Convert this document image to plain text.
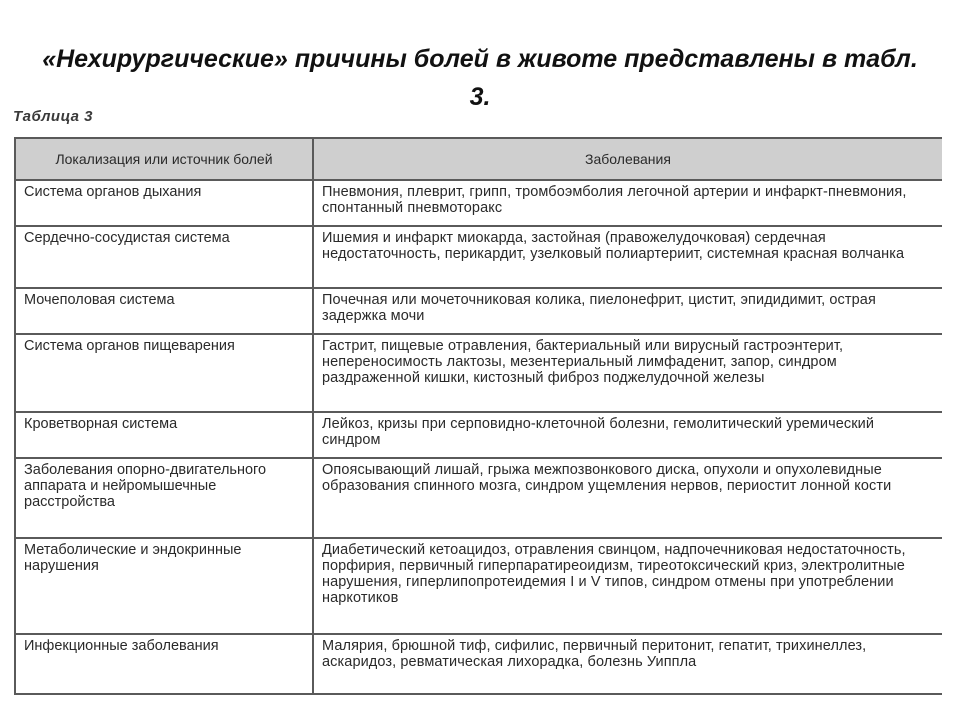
«Нехирургические» причины болей в животе представлены в табл. 3.
Таблица 3
Локализация или источник болей	Заболевания
Система органов дыхания	Пневмония, плеврит, грипп, тромбоэмболия легочной артерии и инфаркт-пневмония, спонтанный пневмоторакс
Сердечно-сосудистая система	Ишемия и инфаркт миокарда, застойная (правожелудочковая) сердечная недостаточность, перикардит, узелковый полиартериит, системная красная волчанка
Мочеполовая система	Почечная или мочеточниковая колика, пиелонефрит, цистит, эпидидимит, острая задержка мочи
Система органов пищеварения	Гастрит, пищевые отравления, бактериальный или вирусный гастроэнтерит, непереносимость лактозы, мезентериальный лимфаденит, запор, синдром раздраженной кишки, кистозный фиброз поджелудочной железы
Кроветворная система	Лейкоз, кризы при серповидно-клеточной болезни, гемолитический уремический синдром
Заболевания опорно-двигательного аппарата и нейромышечные расстройства	Опоясывающий лишай, грыжа межпозвонкового диска, опухоли и опухолевидные образования спинного мозга, синдром ущемления нервов, периостит лонной кости
Метаболические и эндокринные нарушения	Диабетический кетоацидоз, отравления свинцом, надпочечниковая недостаточность, порфирия, первичный гиперпаратиреоидизм, тиреотоксический криз, электролитные нарушения, гиперлипопротеидемия I и V типов, синдром отмены при употреблении наркотиков
Инфекционные заболевания	Малярия, брюшной тиф, сифилис, первичный перитонит, гепатит, трихинеллез, аскаридоз, ревматическая лихорадка, болезнь Уиппла
